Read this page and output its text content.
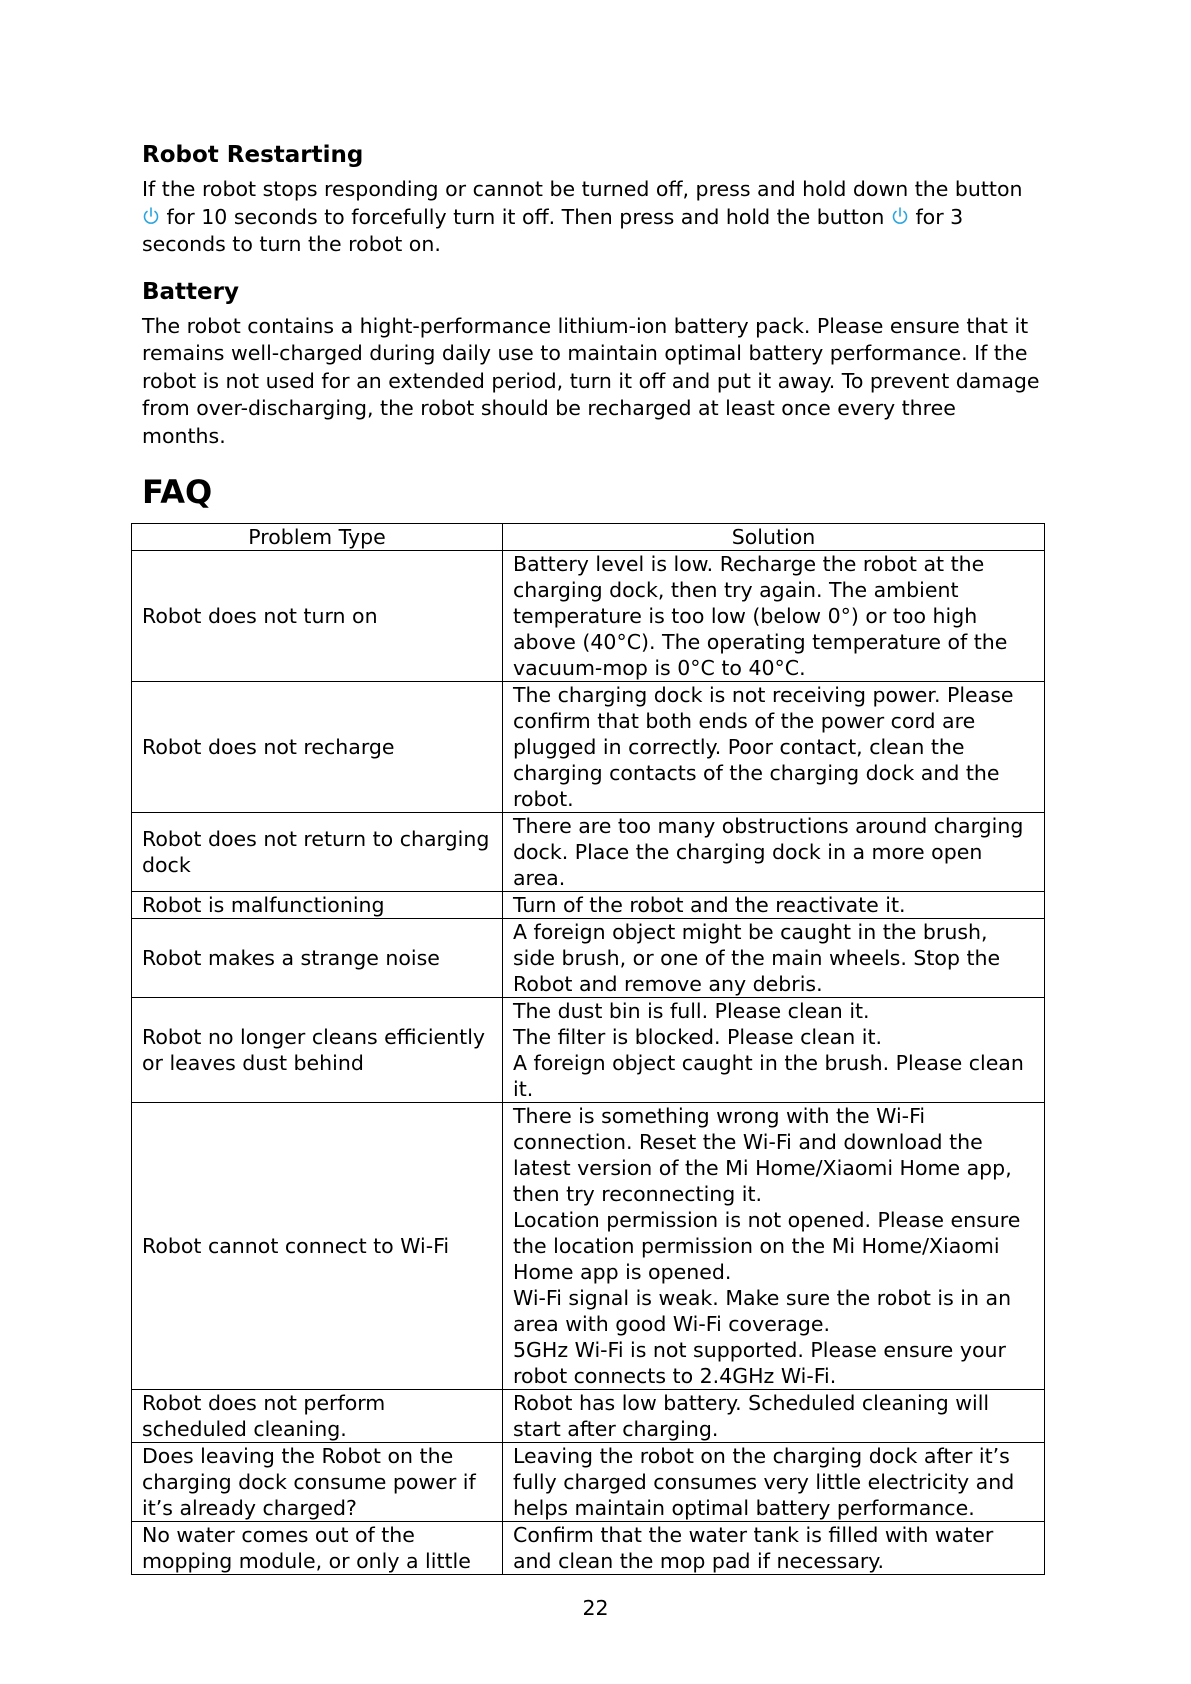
Robot Restarting

If the robot stops responding or cannot be turned off, press and hold down the button  for 10 seconds to forcefully turn it off. Then press and hold the button for 3 seconds to turn the robot on.

Battery

The robot contains a hight-performance lithium-ion battery pack. Please ensure that it remains well-charged during daily use to maintain optimal battery performance. If the robot is not used for an extended period, turn it off and put it away. To prevent damage from over-discharging, the robot should be recharged at least once every three months.

FAQ
Problem Type	Solution
Robot does not turn on	Battery level is low. Recharge the robot at the charging dock, then try again. The ambient temperature is too low (below 0°) or too high above (40°C). The operating temperature of the vacuum-mop is 0°C to 40°C.

Robot does not recharge	The charging dock is not receiving power. Please confirm that both ends of the power cord are plugged in correctly. Poor contact, clean the charging contacts of the charging dock and the robot.

Robot does not return to charging dock	There are too many obstructions around charging dock. Place the charging dock in a more open area.

Robot is malfunctioning	Turn of the robot and the reactivate it.

Robot makes a strange noise	A foreign object might be caught in the brush, side brush, or one of the main wheels. Stop the Robot and remove any debris.

Robot no longer cleans efficiently or leaves dust behind	The dust bin is full. Please clean it.
The filter is blocked. Please clean it.
A foreign object caught in the brush. Please clean it.

Robot cannot connect to Wi-Fi	There is something wrong with the Wi-Fi connection. Reset the Wi-Fi and download the latest version of the Mi Home/Xiaomi Home app, then try reconnecting it.
Location permission is not opened. Please ensure the location permission on the Mi Home/Xiaomi Home app is opened.
Wi-Fi signal is weak. Make sure the robot is in an area with good Wi-Fi coverage.
5GHz Wi-Fi is not supported. Please ensure your robot connects to 2.4GHz Wi-Fi.

Robot does not perform scheduled cleaning.	Robot has low battery. Scheduled cleaning will start after charging.

Does leaving the Robot on the charging dock consume power if it’s already charged?	Leaving the robot on the charging dock after it’s fully charged consumes very little electricity and helps maintain optimal battery performance.

No water comes out of the mopping module, or only a little	Confirm that the water tank is filled with water and clean the mop pad if necessary.
22
